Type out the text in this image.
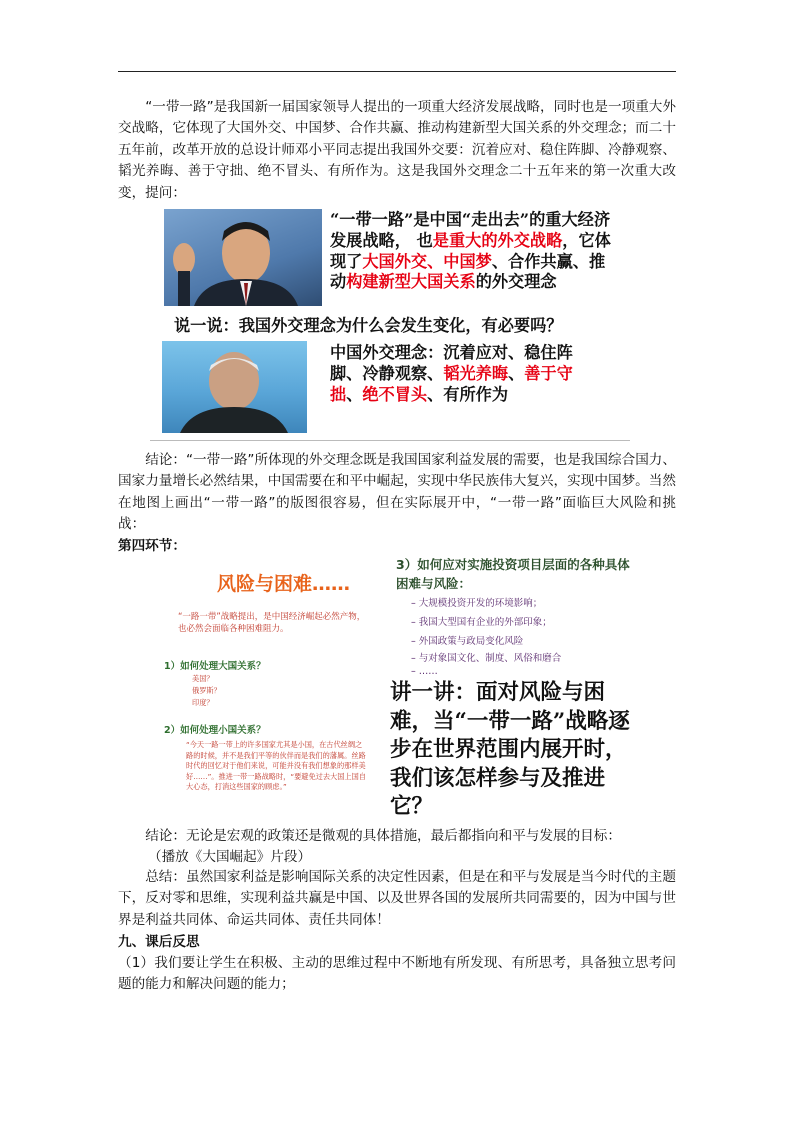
“一带一路”是我国新一届国家领导人提出的一项重大经济发展战略，同时也是一项重大外交战略，它体现了大国外交、中国梦、合作共赢、推动构建新型大国关系的外交理念；而二十五年前，改革开放的总设计师邓小平同志提出我国外交要：沉着应对、稳住阵脚、冷静观察、韬光养晦、善于守拙、绝不冒头、有所作为。这是我国外交理念二十五年来的第一次重大改变，提问：

“一带一路”是中国“走出去”的重大经济发展战略， 也是重大的外交战略，它体现了大国外交、中国梦、合作共赢、推动构建新型大国关系的外交理念

说一说：我国外交理念为什么会发生变化，有必要吗？

中国外交理念：沉着应对、稳住阵脚、冷静观察、韬光养晦、善于守拙、绝不冒头、有所作为

结论：“一带一路”所体现的外交理念既是我国国家利益发展的需要，也是我国综合国力、国家力量增长必然结果，中国需要在和平中崛起，实现中华民族伟大复兴，实现中国梦。当然在地图上画出“一带一路”的版图很容易，但在实际展开中，“一带一路”面临巨大风险和挑战：

第四环节：

风险与困难……
“一路一带”战略提出，是中国经济崛起必然产物，也必然会面临各种困难阻力。
1）如何处理大国关系？
美国？
俄罗斯？
印度？
2）如何处理小国关系？
“今天一路一带上的许多国家尤其是小国，在古代丝绸之路的时候，并不是我们平等的伙伴而是我们的藩属。丝路时代的回忆对于他们来说，可能并没有我们想象的那样美好……”。推进一带一路战略时，“要避免过去大国上国自大心态，打消这些国家的顾虑。”
3）如何应对实施投资项目层面的各种具体困难与风险：
– 大规模投资开发的环境影响；
– 我国大型国有企业的外部印象；
– 外国政策与政局变化风险
– 与对象国文化、制度、风俗和磨合
– ……

讲一讲：面对风险与困难，当“一带一路”战略逐步在世界范围内展开时，我们该怎样参与及推进它？

结论：无论是宏观的政策还是微观的具体措施，最后都指向和平与发展的目标：

（播放《大国崛起》片段）

总结：虽然国家利益是影响国际关系的决定性因素，但是在和平与发展是当今时代的主题下，反对零和思维，实现利益共赢是中国、以及世界各国的发展所共同需要的，因为中国与世界是利益共同体、命运共同体、责任共同体！

九、课后反思

（1）我们要让学生在积极、主动的思维过程中不断地有所发现、有所思考，具备独立思考问题的能力和解决问题的能力；
